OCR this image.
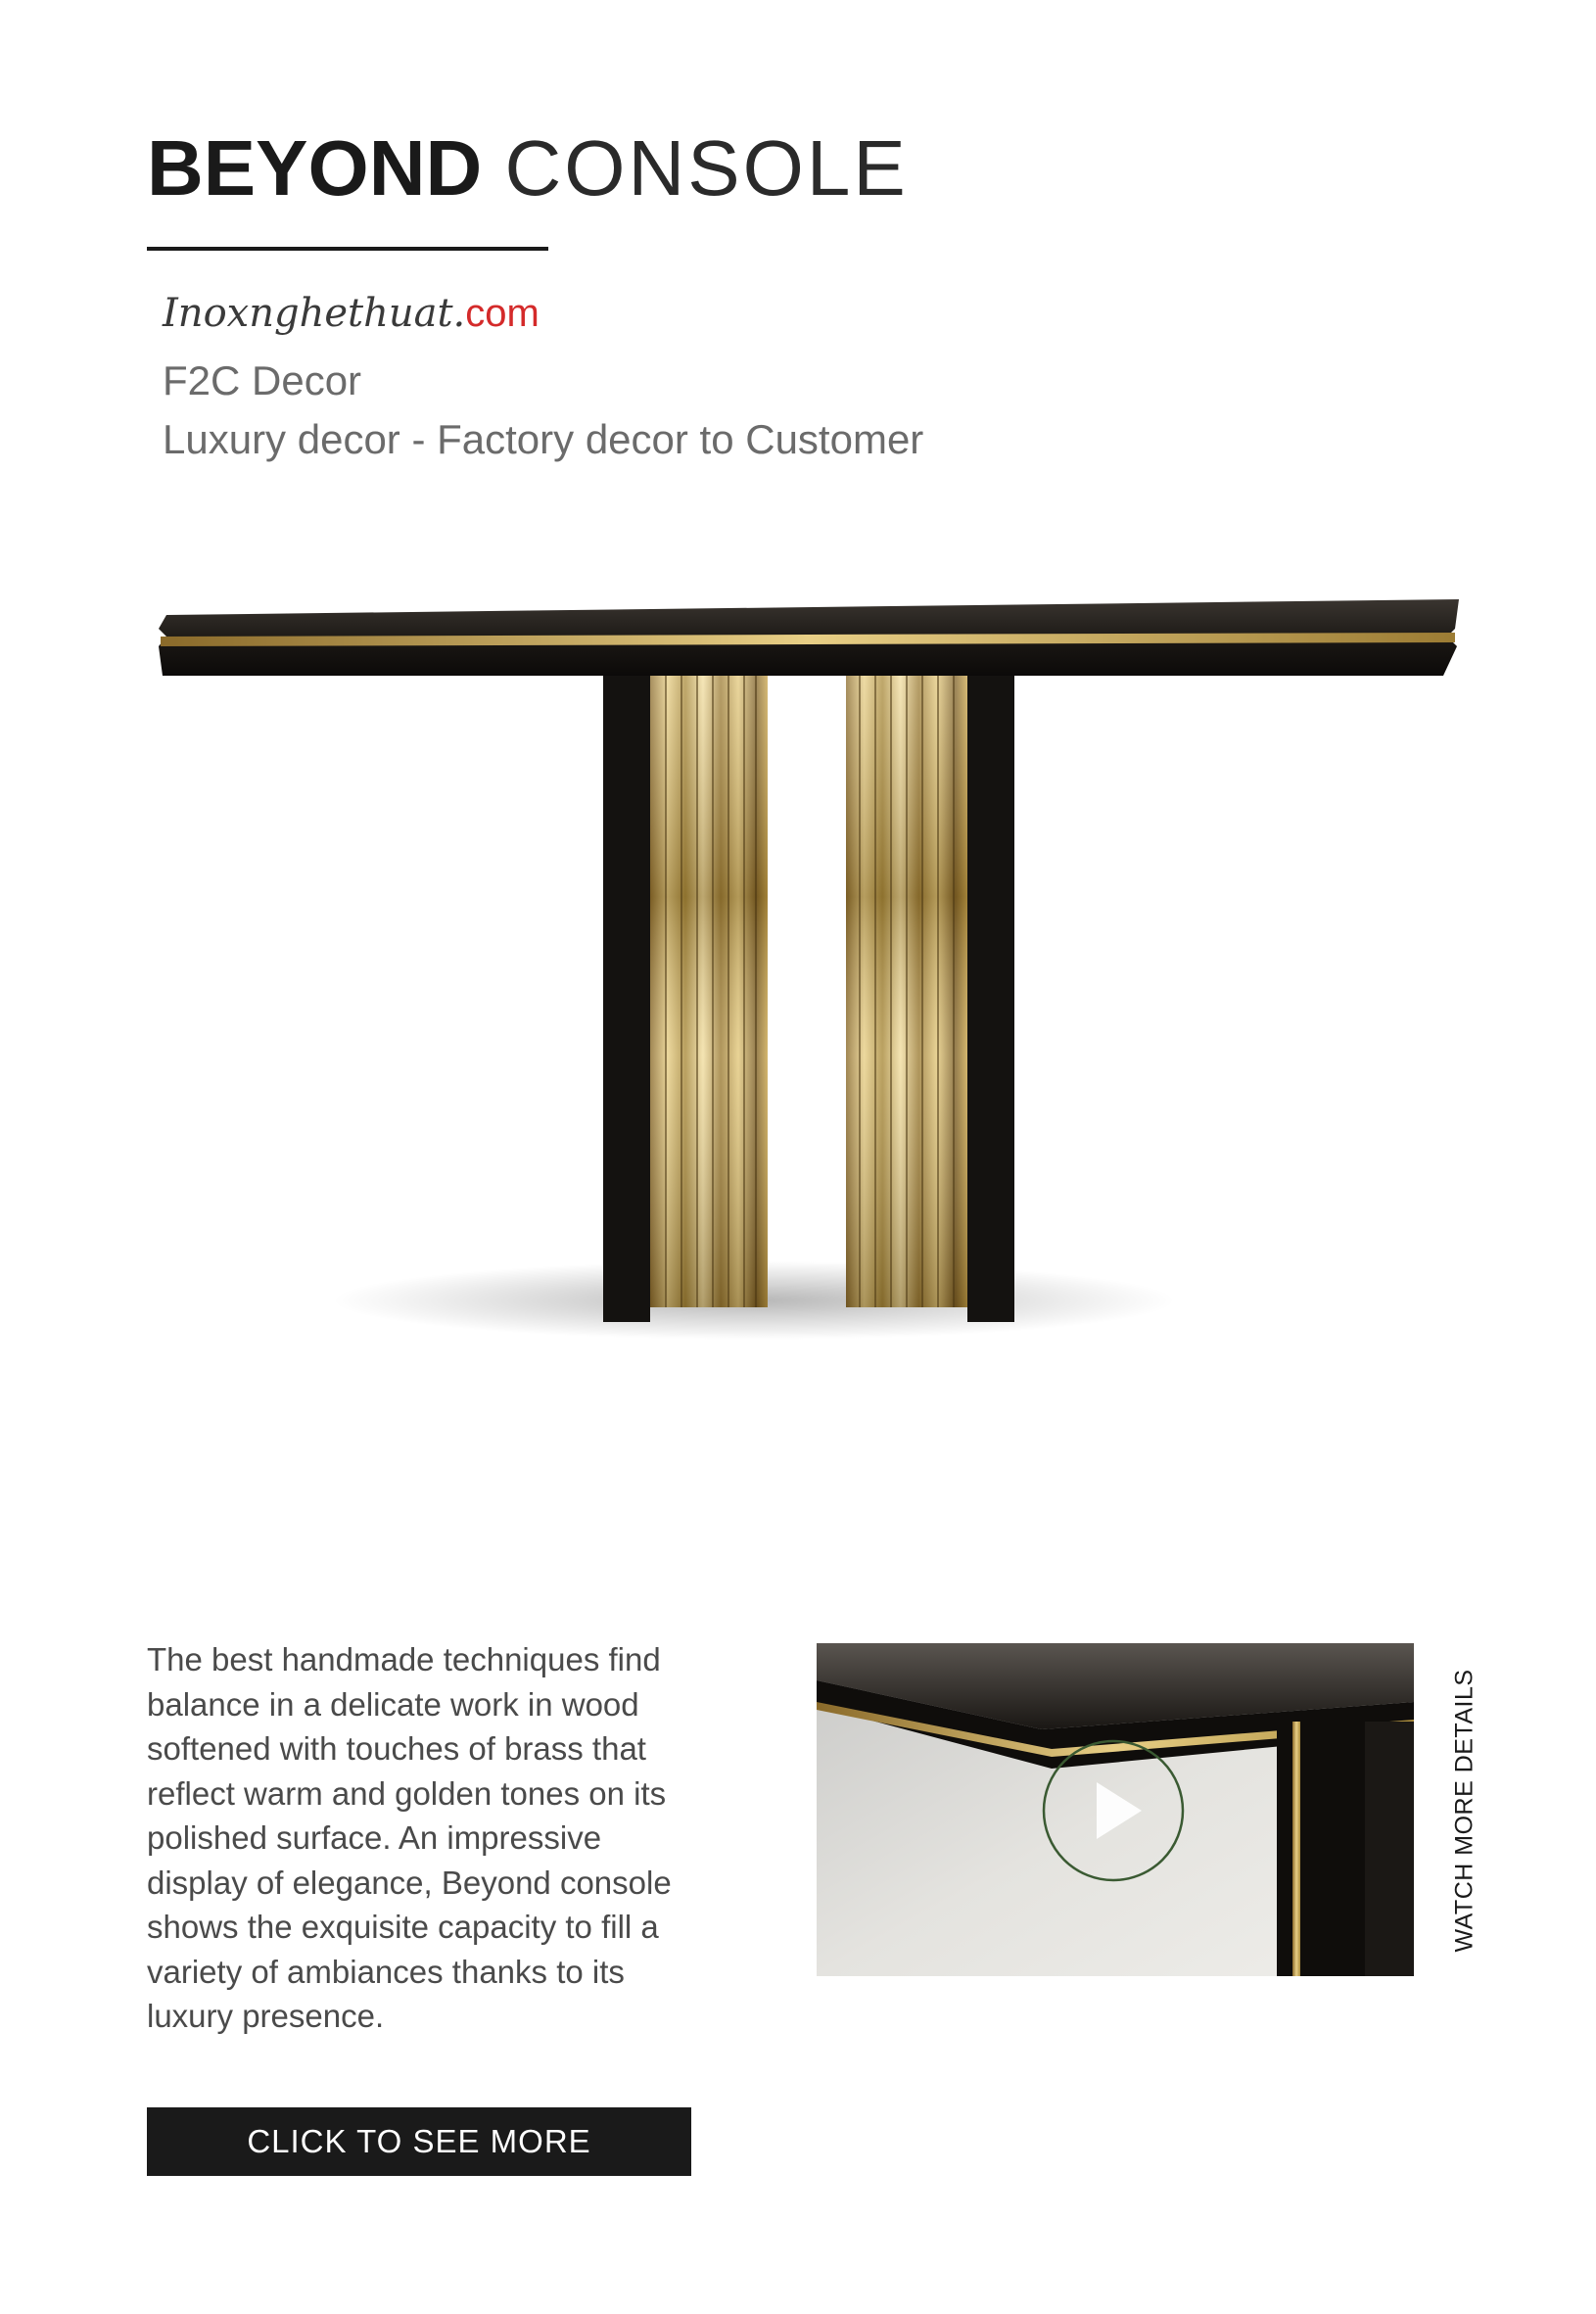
BEYOND CONSOLE
Inoxnghethuat.com
F2C Decor
Luxury decor - Factory decor to Customer

The best handmade techniques find balance in a delicate work in wood softened with touches of brass that reflect warm and golden tones on its polished surface. An impressive display of elegance, Beyond console shows the exquisite capacity to fill a variety of ambiances thanks to its luxury presence.

CLICK TO SEE MORE
WATCH MORE DETAILS
